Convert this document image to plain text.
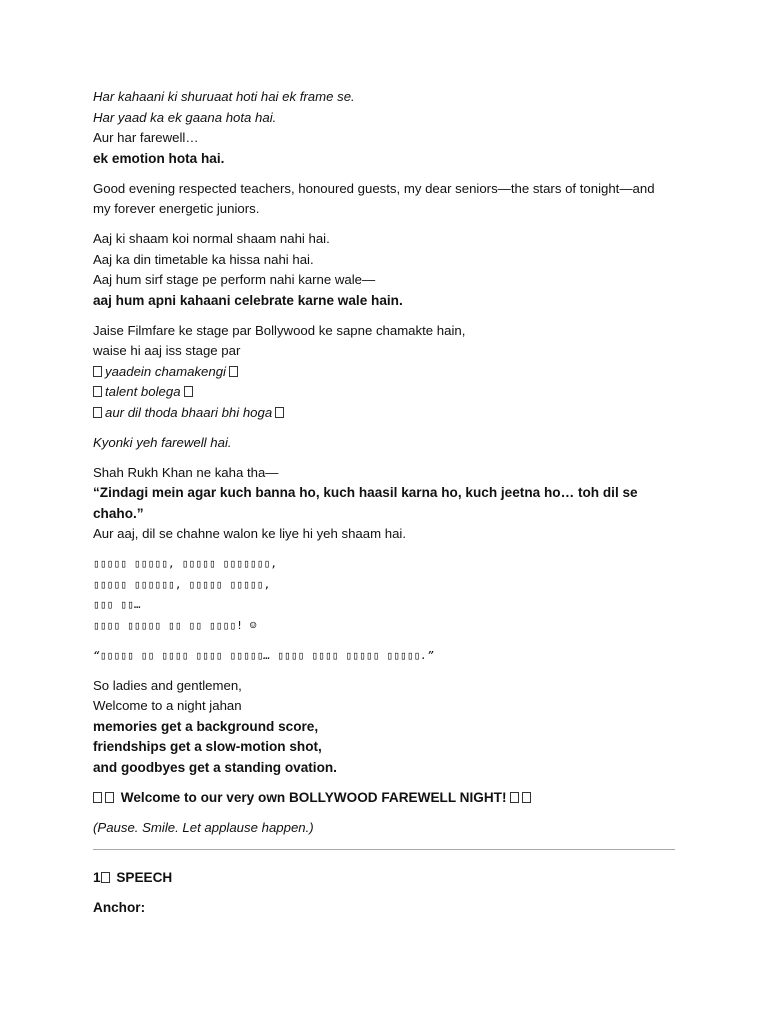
Har kahaani ki shuruaat hoti hai ek frame se.
Har yaad ka ek gaana hota hai.
Aur har farewell…
ek emotion hota hai.
Good evening respected teachers, honoured guests, my dear seniors—the stars of tonight—and my forever energetic juniors.
Aaj ki shaam koi normal shaam nahi hai.
Aaj ka din timetable ka hissa nahi hai.
Aaj hum sirf stage pe perform nahi karne wale—
aaj hum apni kahaani celebrate karne wale hain.
Jaise Filmfare ke stage par Bollywood ke sapne chamakte hain,
waise hi aaj iss stage par
yaadein chamakengi
talent bolega
aur dil thoda bhaari bhi hoga
Kyonki yeh farewell hai.
Shah Rukh Khan ne kaha tha—
“Zindagi mein agar kuch banna ho, kuch haasil karna ho, kuch jeetna ho… toh dil se chaho.”
Aur aaj, dil se chahne walon ke liye hi yeh shaam hai.
▯▯▯▯▯ ▯▯▯▯▯, ▯▯▯▯▯ ▯▯▯▯▯▯▯,
▯▯▯▯▯ ▯▯▯▯▯▯, ▯▯▯▯▯ ▯▯▯▯▯,
▯▯▯ ▯▯…
▯▯▯▯ ▯▯▯▯▯ ▯▯ ▯▯ ▯▯▯▯! ☺
“▯▯▯▯▯ ▯▯ ▯▯▯▯ ▯▯▯▯ ▯▯▯▯▯… ▯▯▯▯ ▯▯▯▯ ▯▯▯▯▯ ▯▯▯▯▯.”
So ladies and gentlemen,
Welcome to a night jahan
memories get a background score,
friendships get a slow-motion shot,
and goodbyes get a standing ovation.
Welcome to our very own BOLLYWOOD FAREWELL NIGHT!
(Pause. Smile. Let applause happen.)
1 SPEECH
Anchor:
